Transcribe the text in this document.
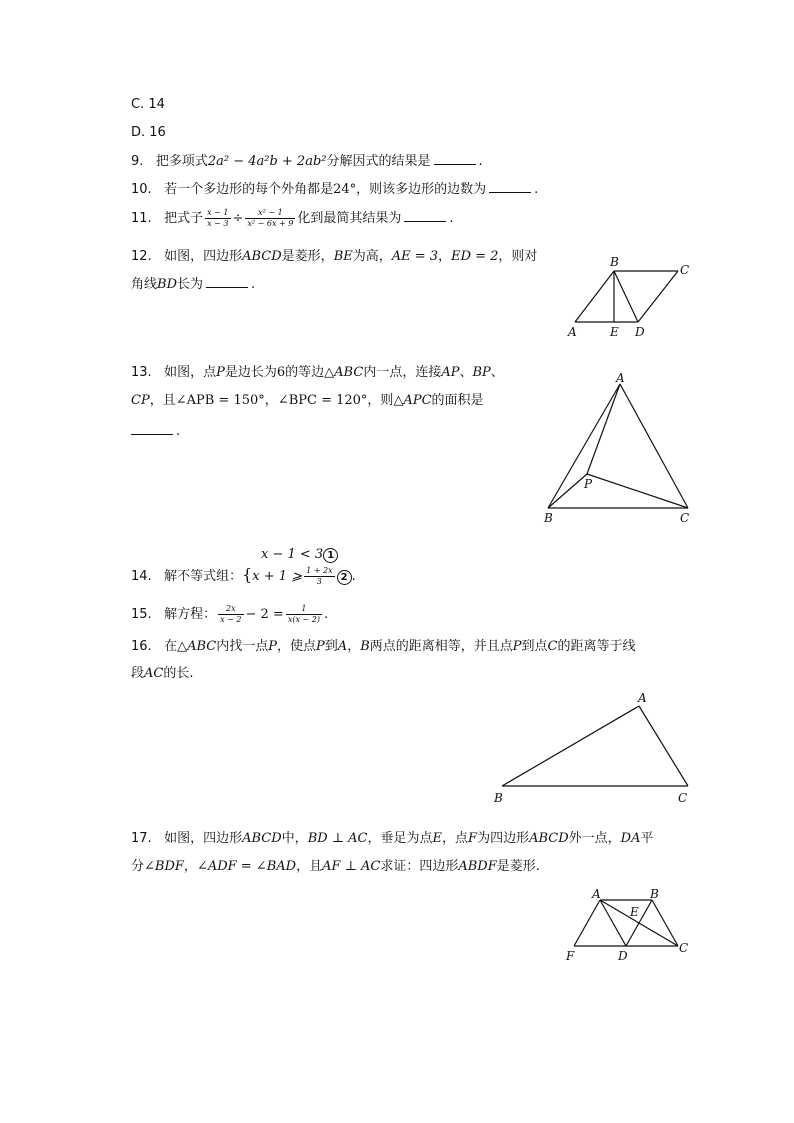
C. 14
D. 16
9. 把多项式2a² − 4a²b + 2ab²分解因式的结果是	.
10. 若一个多边形的每个外角都是24°，则该多边形的边数为	.
11. 把式子 $\frac{x - 1}{x - 3} \div \frac{\text{x² − 1}}{\text{x² − 6x + 9}}$ 化到最简其结果为	.
12. 如图，四边形ABCD是菱形，BE为高，AE = 3，ED = 2，则对
角线BD长为	.
B
C
A	E D
13. 如图，点P是边长为6的等边△ABC内一点，连接AP、BP、
CP，且∠APB = 150°，∠BPC = 120°，则△APC的面积是
.
A
P
B	C
x − 1 < 3 1
14. 解不等式组：{x + 1 ⩾ $\frac{1 + 2x}{3} 2$ .
15. 解方程： $\frac{2x}{x - 2} - 2 = \frac{1}{x(x - 2)}$ .
16. 在△ABC内找一点P，使点P到A，B两点的距离相等，并且点P到点C的距离等于线
段AC的长.
A
B	C
17. 如图，四边形ABCD中，BD ⊥ AC，垂足为点E，点F为四边形ABCD外一点，DA平
分∠BDF，∠ADF = ∠BAD，且AF ⊥ AC求证：四边形ABDF是菱形.
A	B
E
C
D
F
